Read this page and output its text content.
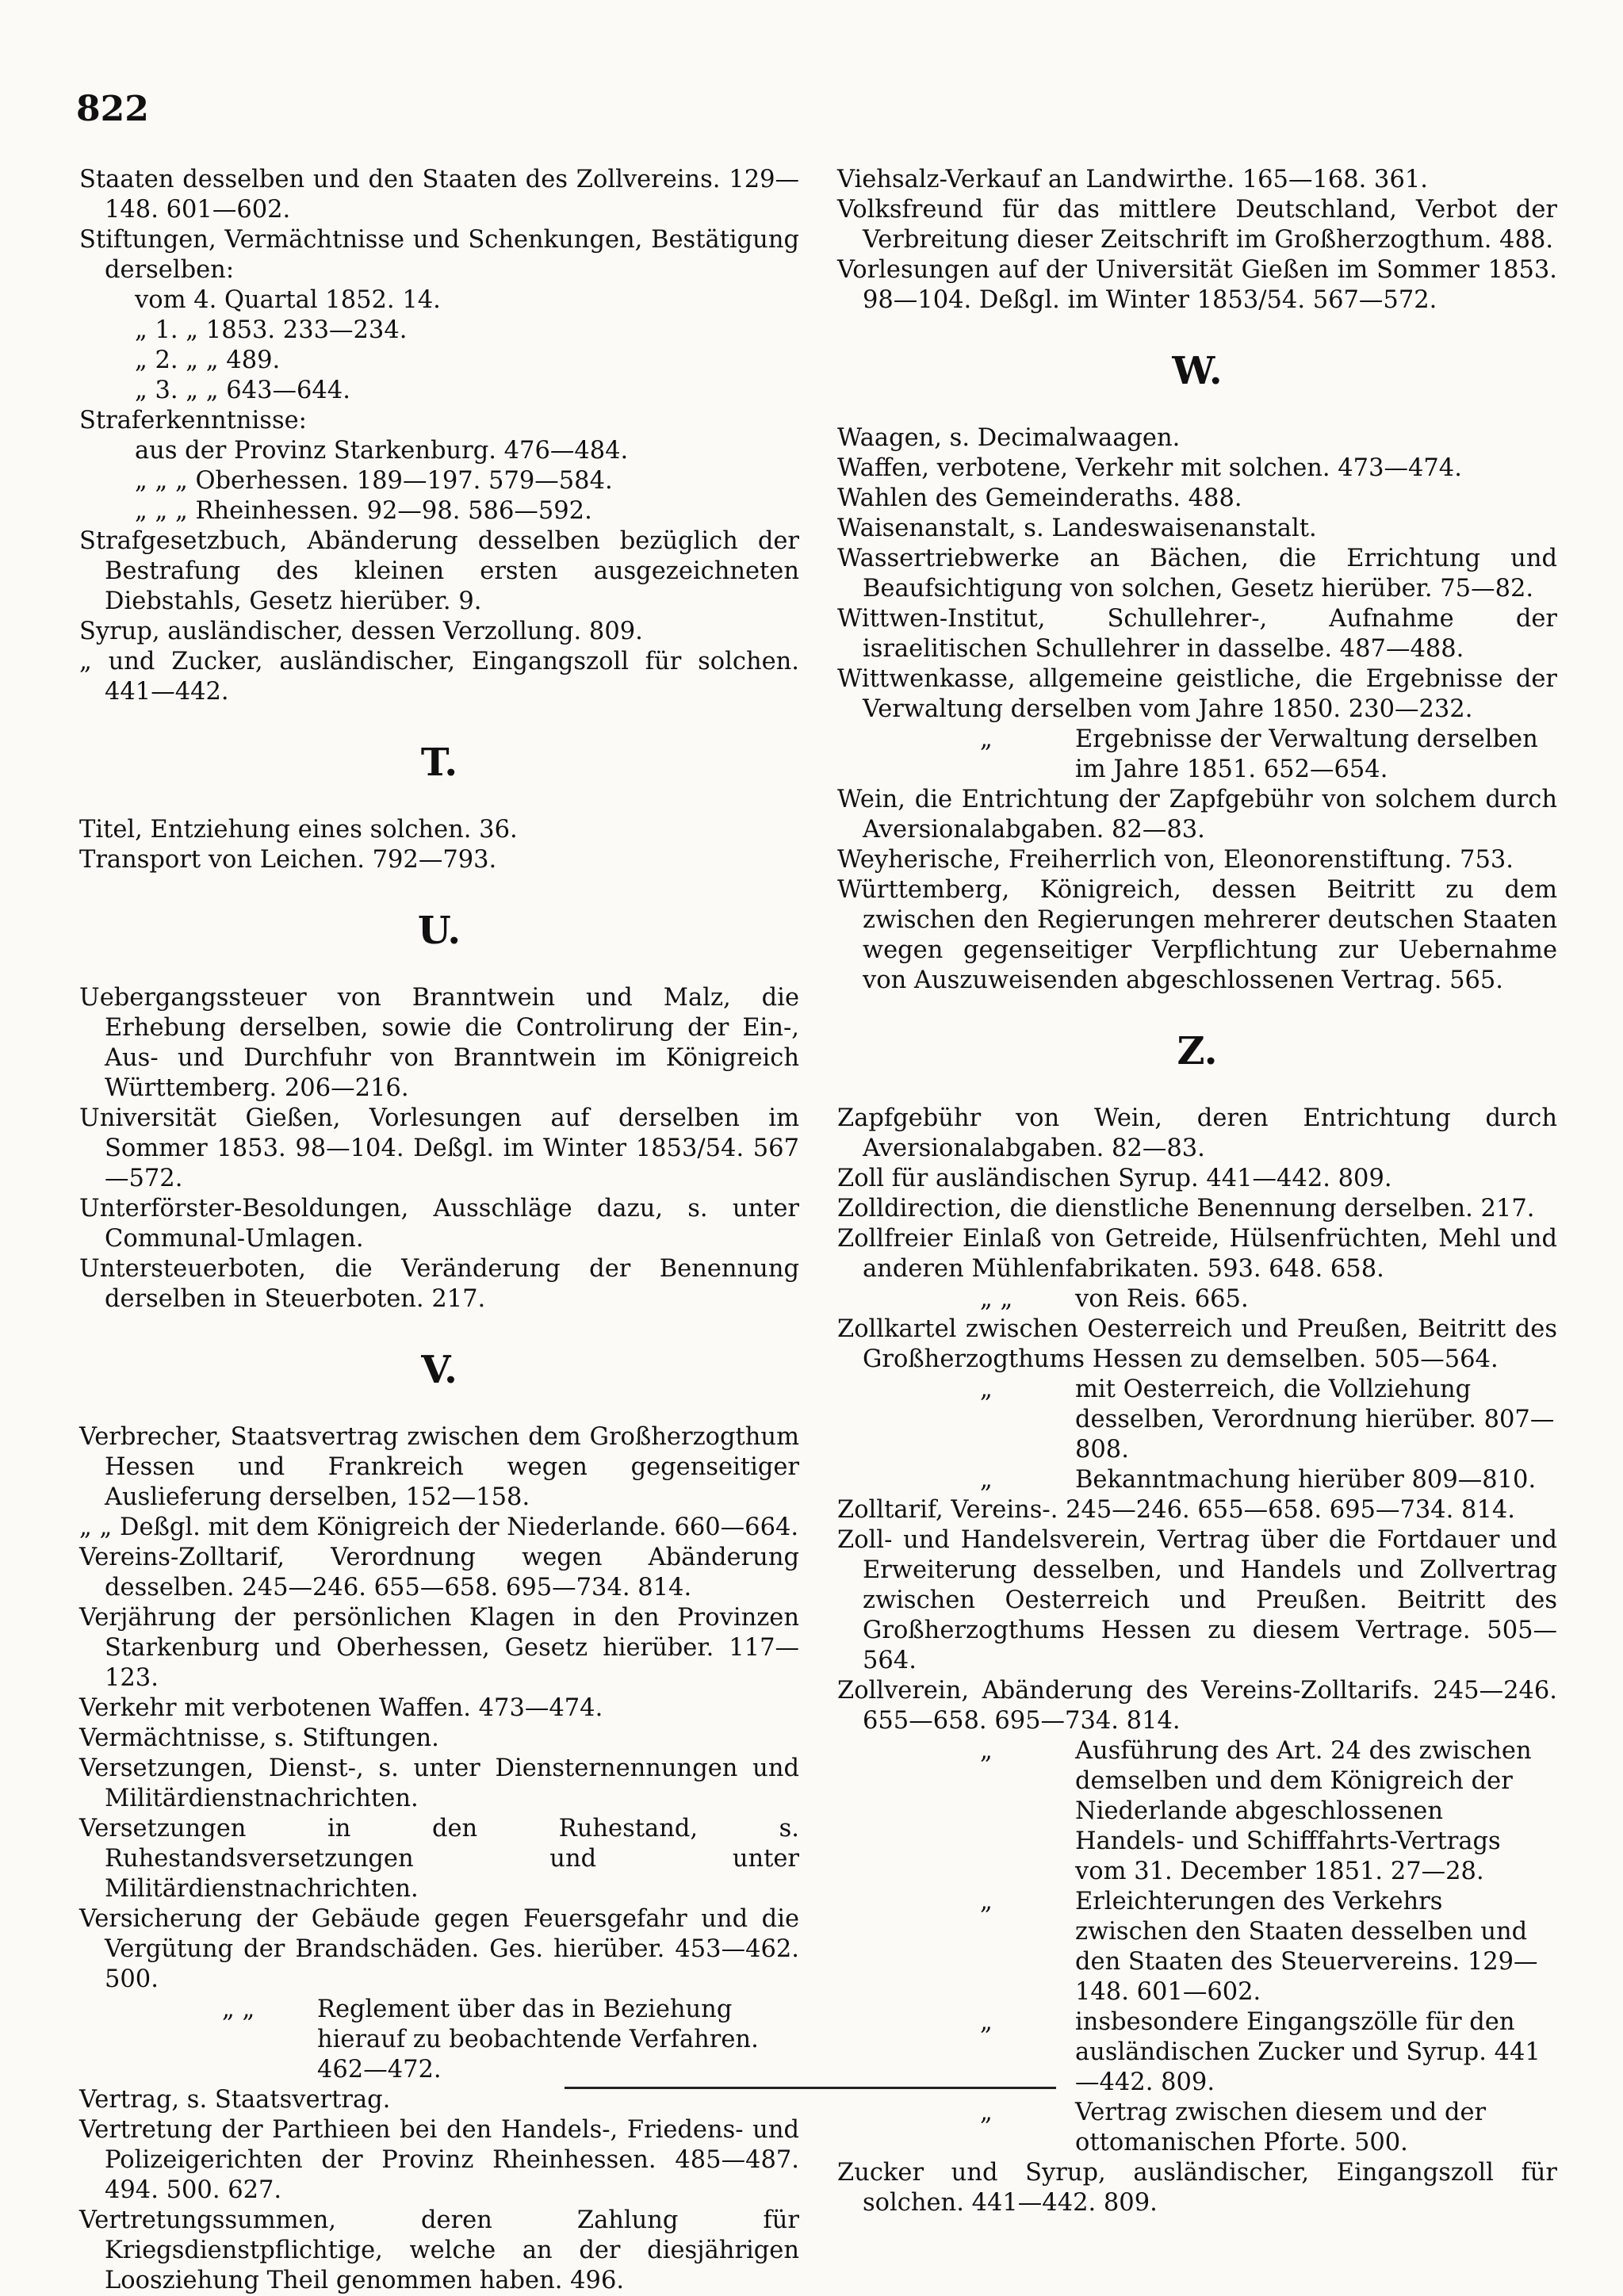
822

Staaten desselben und den Staaten des Zollvereins. 129—148. 601—602.

Stiftungen, Vermächtnisse und Schenkungen, Bestätigung derselben:

vom 4. Quartal 1852. 14.

„ 1. „ 1853. 233—234.

„ 2. „ „ 489.

„ 3. „ „ 643—644.

Straferkenntnisse:

aus der Provinz Starkenburg. 476—484.

„ „ „ Oberhessen. 189—197. 579—584.

„ „ „ Rheinhessen. 92—98. 586—592.

Strafgesetzbuch, Abänderung desselben bezüglich der Bestrafung des kleinen ersten ausgezeichneten Diebstahls, Gesetz hierüber. 9.

Syrup, ausländischer, dessen Verzollung. 809.

„ und Zucker, ausländischer, Eingangszoll für solchen. 441—442.

T.

Titel, Entziehung eines solchen. 36.

Transport von Leichen. 792—793.

U.

Uebergangssteuer von Branntwein und Malz, die Erhebung derselben, sowie die Controlirung der Ein-, Aus- und Durchfuhr von Branntwein im Königreich Württemberg. 206—216.

Universität Gießen, Vorlesungen auf derselben im Sommer 1853. 98—104. Deßgl. im Winter 1853/54. 567—572.

Unterförster-Besoldungen, Ausschläge dazu, s. unter Communal-Umlagen.

Untersteuerboten, die Veränderung der Benennung derselben in Steuerboten. 217.

V.

Verbrecher, Staatsvertrag zwischen dem Großherzogthum Hessen und Frankreich wegen gegenseitiger Auslieferung derselben, 152—158.

„ „ Deßgl. mit dem Königreich der Niederlande. 660—664.

Vereins-Zolltarif, Verordnung wegen Abänderung desselben. 245—246. 655—658. 695—734. 814.

Verjährung der persönlichen Klagen in den Provinzen Starkenburg und Oberhessen, Gesetz hierüber. 117—123.

Verkehr mit verbotenen Waffen. 473—474.

Vermächtnisse, s. Stiftungen.

Versetzungen, Dienst-, s. unter Diensternennungen und Militärdienstnachrichten.

Versetzungen in den Ruhestand, s. Ruhestandsversetzungen und unter Militärdienstnachrichten.

Versicherung der Gebäude gegen Feuersgefahr und die Vergütung der Brandschäden. Ges. hierüber. 453—462. 500.

„ „	Reglement über das in Beziehung hierauf zu beobachtende Verfahren. 462—472.

Vertrag, s. Staatsvertrag.

Vertretung der Parthieen bei den Handels-, Friedens- und Polizeigerichten der Provinz Rheinhessen. 485—487. 494. 500. 627.

Vertretungssummen, deren Zahlung für Kriegsdienstpflichtige, welche an der diesjährigen Loosziehung Theil genommen haben. 496.

Viehsalz-Verkauf an Landwirthe. 165—168. 361.

Volksfreund für das mittlere Deutschland, Verbot der Verbreitung dieser Zeitschrift im Großherzogthum. 488.

Vorlesungen auf der Universität Gießen im Sommer 1853. 98—104. Deßgl. im Winter 1853/54. 567—572.

W.

Waagen, s. Decimalwaagen.

Waffen, verbotene, Verkehr mit solchen. 473—474.

Wahlen des Gemeinderaths. 488.

Waisenanstalt, s. Landeswaisenanstalt.

Wassertriebwerke an Bächen, die Errichtung und Beaufsichtigung von solchen, Gesetz hierüber. 75—82.

Wittwen-Institut, Schullehrer-, Aufnahme der israelitischen Schullehrer in dasselbe. 487—488.

Wittwenkasse, allgemeine geistliche, die Ergebnisse der Verwaltung derselben vom Jahre 1850. 230—232.

„	Ergebnisse der Verwaltung derselben im Jahre 1851. 652—654.

Wein, die Entrichtung der Zapfgebühr von solchem durch Aversionalabgaben. 82—83.

Weyherische, Freiherrlich von, Eleonorenstiftung. 753.

Württemberg, Königreich, dessen Beitritt zu dem zwischen den Regierungen mehrerer deutschen Staaten wegen gegenseitiger Verpflichtung zur Uebernahme von Auszuweisenden abgeschlossenen Vertrag. 565.

Z.

Zapfgebühr von Wein, deren Entrichtung durch Aversionalabgaben. 82—83.

Zoll für ausländischen Syrup. 441—442. 809.

Zolldirection, die dienstliche Benennung derselben. 217.

Zollfreier Einlaß von Getreide, Hülsenfrüchten, Mehl und anderen Mühlenfabrikaten. 593. 648. 658.

„ „	von Reis. 665.

Zollkartel zwischen Oesterreich und Preußen, Beitritt des Großherzogthums Hessen zu demselben. 505—564.

„	mit Oesterreich, die Vollziehung desselben, Verordnung hierüber. 807—808.
„	Bekanntmachung hierüber 809—810.

Zolltarif, Vereins-. 245—246. 655—658. 695—734. 814.

Zoll- und Handelsverein, Vertrag über die Fortdauer und Erweiterung desselben, und Handels und Zollvertrag zwischen Oesterreich und Preußen. Beitritt des Großherzogthums Hessen zu diesem Vertrage. 505—564.

Zollverein, Abänderung des Vereins-Zolltarifs. 245—246. 655—658. 695—734. 814.

„	Ausführung des Art. 24 des zwischen demselben und dem Königreich der Niederlande abgeschlossenen Handels- und Schifffahrts-Vertrags vom 31. December 1851. 27—28.
„	Erleichterungen des Verkehrs zwischen den Staaten desselben und den Staaten des Steuervereins. 129—148. 601—602.
„	insbesondere Eingangszölle für den ausländischen Zucker und Syrup. 441—442. 809.
„	Vertrag zwischen diesem und der ottomanischen Pforte. 500.

Zucker und Syrup, ausländischer, Eingangszoll für solchen. 441—442. 809.
